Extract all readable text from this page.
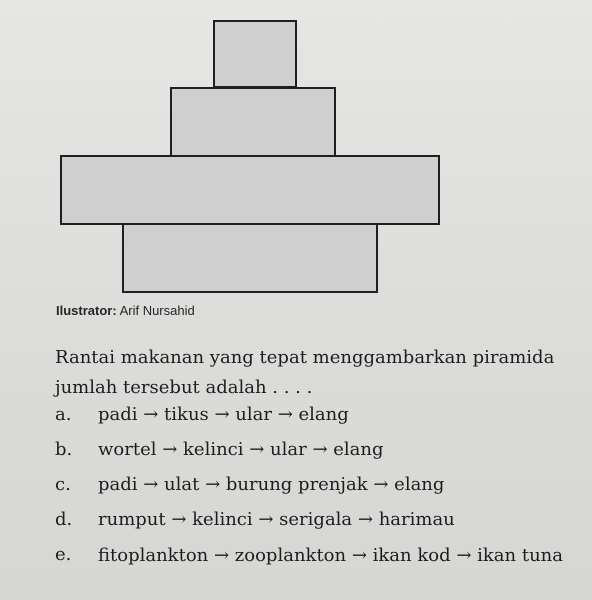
Ilustrator: Arif Nursahid
Rantai makanan yang tepat menggambarkan piramida jumlah tersebut adalah . . . .
a.	padi → tikus → ular → elang
b.	wortel → kelinci → ular → elang
c.	padi → ulat → burung prenjak → elang
d.	rumput → kelinci → serigala → harimau
e.	fitoplankton → zooplankton → ikan kod → ikan tuna
